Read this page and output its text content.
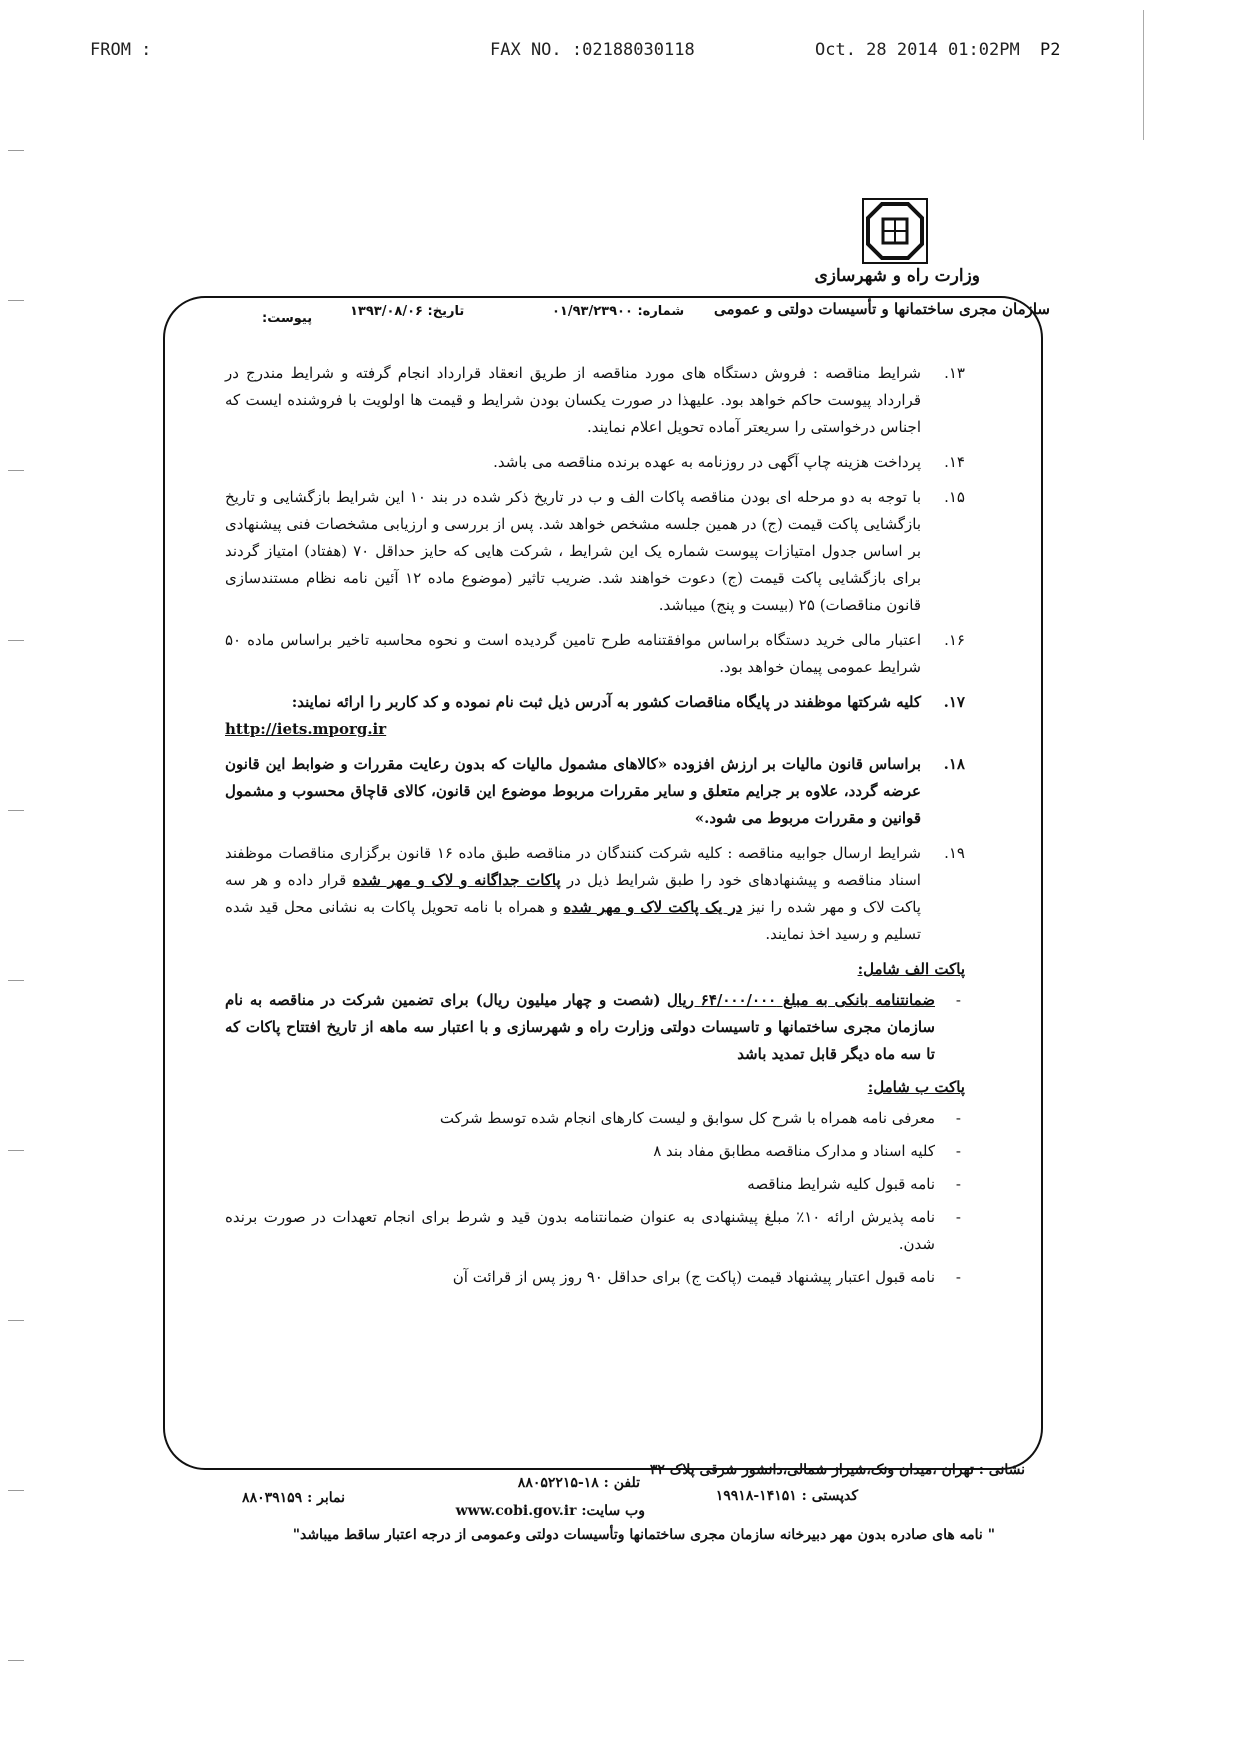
FROM :	FAX NO. :02188030118	Oct. 28 2014 01:02PM P2
وزارت راه و شهرسازی
سازمان مجری ساختمانها و تأسیسات دولتی و عمومی
شماره: ۰۱/۹۳/۲۳۹۰۰
تاریخ: ۱۳۹۳/۰۸/۰۶
پیوست:
۱۳.
شرایط مناقصه : فروش دستگاه های مورد مناقصه از طریق انعقاد قرارداد انجام گرفته و شرایط مندرج در قرارداد پیوست حاکم خواهد بود. علیهذا در صورت یکسان بودن شرایط و قیمت ها اولویت با فروشنده ایست که اجناس درخواستی را سریعتر آماده تحویل اعلام نمایند.
۱۴.
پرداخت هزینه چاپ آگهی در روزنامه به عهده برنده مناقصه می باشد.
۱۵.
با توجه به دو مرحله ای بودن مناقصه پاکات الف و ب در تاریخ ذکر شده در بند ۱۰ این شرایط بازگشایی و تاریخ بازگشایی پاکت قیمت (ج) در همین جلسه مشخص خواهد شد. پس از بررسی و ارزیابی مشخصات فنی پیشنهادی بر اساس جدول امتیازات پیوست شماره یک این شرایط ، شرکت هایی که حایز حداقل ۷۰ (هفتاد) امتیاز گردند برای بازگشایی پاکت قیمت (ج) دعوت خواهند شد. ضریب تاثیر (موضوع ماده ۱۲ آئین نامه نظام مستندسازی قانون مناقصات) ۲۵ (بیست و پنج) میباشد.
۱۶.
اعتبار مالی خرید دستگاه براساس موافقتنامه طرح تامین گردیده است و نحوه محاسبه تاخیر براساس ماده ۵۰ شرایط عمومی پیمان خواهد بود.
۱۷.
کلیه شرکتها موظفند در پایگاه مناقصات کشور به آدرس ذیل ثبت نام نموده و کد کاربر را ارائه نمایند:
http://iets.mporg.ir
۱۸.
براساس قانون مالیات بر ارزش افزوده «کالاهای مشمول مالیات که بدون رعایت مقررات و ضوابط این قانون عرضه گردد، علاوه بر جرایم متعلق و سایر مقررات مربوط موضوع این قانون، کالای قاچاق محسوب و مشمول قوانین و مقررات مربوط می شود.»
۱۹.
شرایط ارسال جوابیه مناقصه : کلیه شرکت کنندگان در مناقصه طبق ماده ۱۶ قانون برگزاری مناقصات موظفند اسناد مناقصه و پیشنهادهای خود را طبق شرایط ذیل در پاکات جداگانه و لاک و مهر شده قرار داده و هر سه پاکت لاک و مهر شده را نیز در یک پاکت لاک و مهر شده و همراه با نامه تحویل پاکات به نشانی محل قید شده تسلیم و رسید اخذ نمایند.
پاکت الف شامل:
-
ضمانتنامه بانکی به مبلغ ۶۴/۰۰۰/۰۰۰ ریال (شصت و چهار میلیون ریال) برای تضمین شرکت در مناقصه به نام سازمان مجری ساختمانها و تاسیسات دولتی وزارت راه و شهرسازی و با اعتبار سه ماهه از تاریخ افتتاح پاکات که تا سه ماه دیگر قابل تمدید باشد
پاکت ب شامل:
-
معرفی نامه همراه با شرح کل سوابق و لیست کارهای انجام شده توسط شرکت
-
کلیه اسناد و مدارک مناقصه مطابق مفاد بند ۸
-
نامه قبول کلیه شرایط مناقصه
-
نامه پذیرش ارائه ۱۰٪ مبلغ پیشنهادی به عنوان ضمانتنامه بدون قید و شرط برای انجام تعهدات در صورت برنده شدن.
-
نامه قبول اعتبار پیشنهاد قیمت (پاکت ج) برای حداقل ۹۰ روز پس از قرائت آن
نشانی : تهران ،میدان ونک،شیراز شمالی،دانشور شرقی پلاک ۳۲
تلفن : ۱۸-۸۸۰۵۲۲۱۵
نمابر : ۸۸۰۳۹۱۵۹	کدپستی : ۱۴۱۵۱-۱۹۹۱۸
وب سایت: www.cobi.gov.ir
" نامه های صادره بدون مهر دبیرخانه سازمان مجری ساختمانها وتأسیسات دولتی وعمومی از درجه اعتبار ساقط میباشد"
